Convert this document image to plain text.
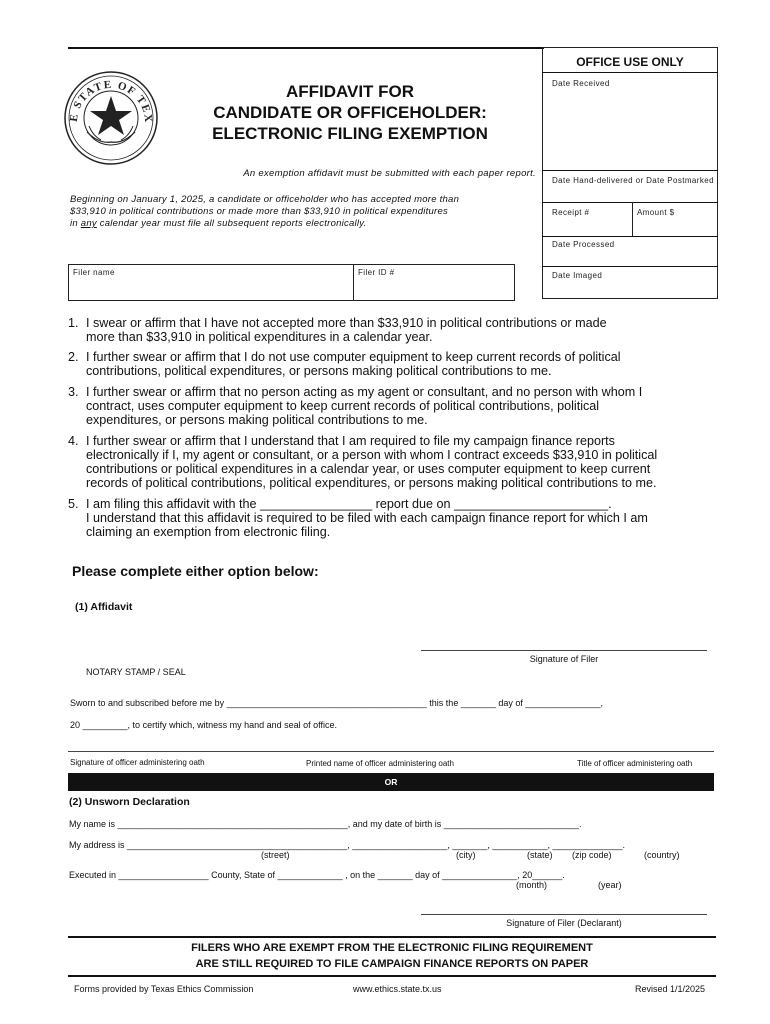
E STATE OF TEX
AFFIDAVIT FOR
CANDIDATE OR OFFICEHOLDER:
ELECTRONIC FILING EXEMPTION
An exemption affidavit must be submitted with each paper report.
Beginning on January 1, 2025, a candidate or officeholder who has accepted more than
$33,910 in political contributions or made more than $33,910 in political expenditures
in any calendar year must file all subsequent reports electronically.
OFFICE USE ONLY
Date Received
Date Hand-delivered or Date Postmarked
Receipt #	Amount $
Date Processed
Date Imaged
Filer name	Filer ID #
1. I swear or affirm that I have not accepted more than $33,910 in political contributions or made
more than $33,910 in political expenditures in a calendar year.
2. I further swear or affirm that I do not use computer equipment to keep current records of political
contributions, political expenditures, or persons making political contributions to me.
3. I further swear or affirm that no person acting as my agent or consultant, and no person with whom I
contract, uses computer equipment to keep current records of political contributions, political
expenditures, or persons making political contributions to me.
4. I further swear or affirm that I understand that I am required to file my campaign finance reports
electronically if I, my agent or consultant, or a person with whom I contract exceeds $33,910 in political
contributions or political expenditures in a calendar year, or uses computer equipment to keep current
records of political contributions, political expenditures, or persons making political contributions to me.
5. I am filing this affidavit with the ________________ report due on ______________________.
I understand that this affidavit is required to be filed with each campaign finance report for which I am
claiming an exemption from electronic filing.
Please complete either option below:
(1) Affidavit
Signature of Filer
NOTARY STAMP / SEAL
Sworn to and subscribed before me by ________________________________________ this the _______ day of _______________,
20 _________, to certify which, witness my hand and seal of office.
Signature of officer administering oath	Printed name of officer administering oath	Title of officer administering oath
OR
(2) Unsworn Declaration
My name is ______________________________________________, and my date of birth is ___________________________.
My address is ____________________________________________, ___________________, _______, ___________, ______________.
(street)	(city)	(state) (zip code)	(country)
Executed in __________________ County, State of _____________ , on the _______ day of _______________, 20______.
(month)	(year)
Signature of Filer (Declarant)
FILERS WHO ARE EXEMPT FROM THE ELECTRONIC FILING REQUIREMENT
ARE STILL REQUIRED TO FILE CAMPAIGN FINANCE REPORTS ON PAPER
Forms provided by Texas Ethics Commission	www.ethics.state.tx.us	Revised 1/1/2025
